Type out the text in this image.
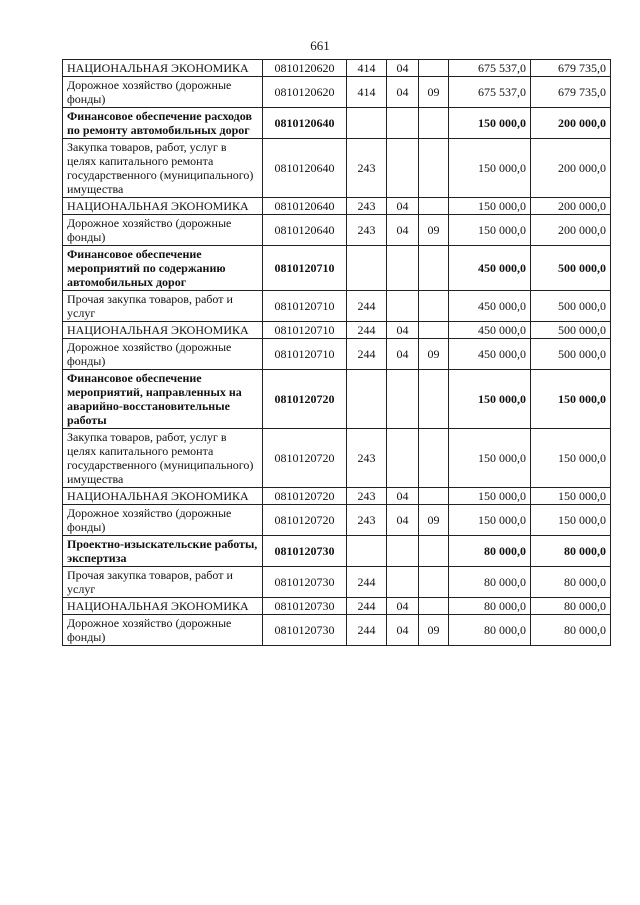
661
НАЦИОНАЛЬНАЯ ЭКОНОМИКА	0810120620	414	04		675 537,0	679 735,0
Дорожное хозяйство (дорожные фонды)	0810120620	414	04	09	675 537,0	679 735,0
Финансовое обеспечение расходов по ремонту автомобильных дорог	0810120640				150 000,0	200 000,0
Закупка товаров, работ, услуг в целях капитального ремонта государственного (муниципального) имущества	0810120640	243			150 000,0	200 000,0
НАЦИОНАЛЬНАЯ ЭКОНОМИКА	0810120640	243	04		150 000,0	200 000,0
Дорожное хозяйство (дорожные фонды)	0810120640	243	04	09	150 000,0	200 000,0
Финансовое обеспечение мероприятий по содержанию автомобильных дорог	0810120710				450 000,0	500 000,0
Прочая закупка товаров, работ и услуг	0810120710	244			450 000,0	500 000,0
НАЦИОНАЛЬНАЯ ЭКОНОМИКА	0810120710	244	04		450 000,0	500 000,0
Дорожное хозяйство (дорожные фонды)	0810120710	244	04	09	450 000,0	500 000,0
Финансовое обеспечение мероприятий, направленных на аварийно-восстановительные работы	0810120720				150 000,0	150 000,0
Закупка товаров, работ, услуг в целях капитального ремонта государственного (муниципального) имущества	0810120720	243			150 000,0	150 000,0
НАЦИОНАЛЬНАЯ ЭКОНОМИКА	0810120720	243	04		150 000,0	150 000,0
Дорожное хозяйство (дорожные фонды)	0810120720	243	04	09	150 000,0	150 000,0
Проектно-изыскательские работы, экспертиза	0810120730				80 000,0	80 000,0
Прочая закупка товаров, работ и услуг	0810120730	244			80 000,0	80 000,0
НАЦИОНАЛЬНАЯ ЭКОНОМИКА	0810120730	244	04		80 000,0	80 000,0
Дорожное хозяйство (дорожные фонды)	0810120730	244	04	09	80 000,0	80 000,0
